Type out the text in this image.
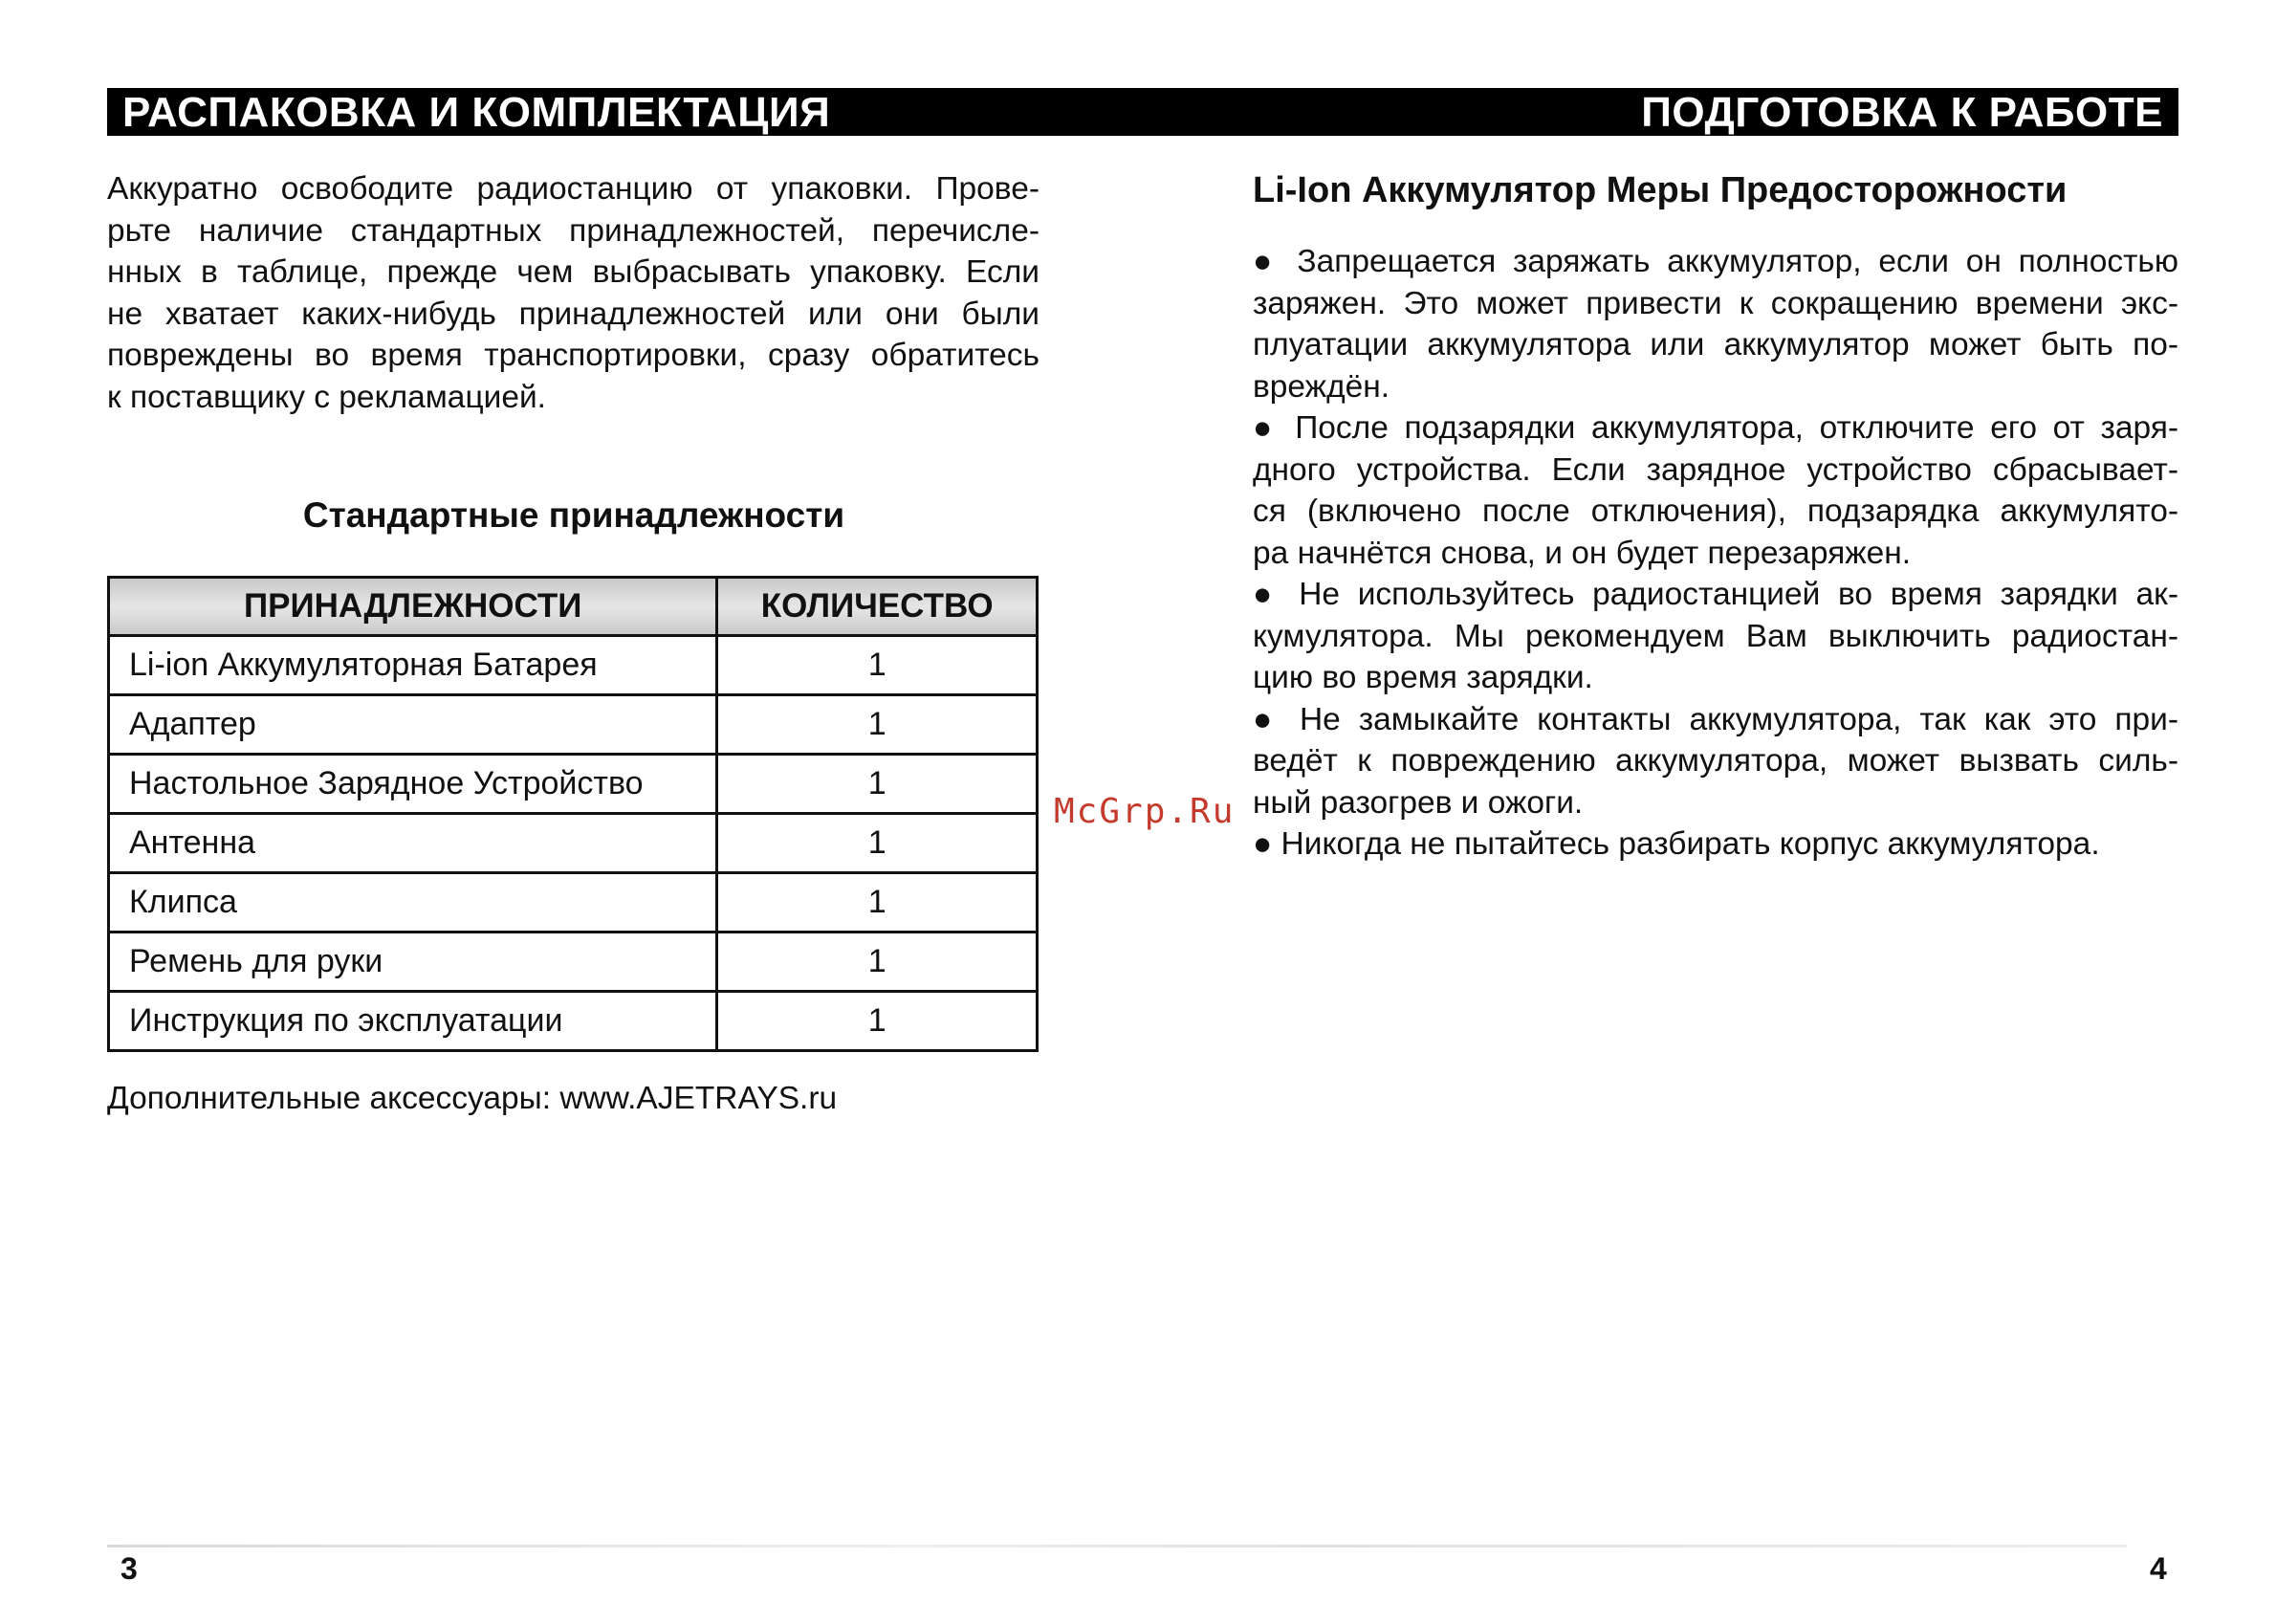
РАСПАКОВКА И КОМПЛЕКТАЦИЯ	ПОДГОТОВКА К РАБОТЕ

Аккуратно освободите радиостанцию от упаковки. Прове-
рьте наличие стандартных принадлежностей, перечисле-
нных в таблице, прежде чем выбрасывать упаковку. Если
не хватает каких-нибудь принадлежностей или они были
повреждены во время транспортировки, сразу обратитесь
к поставщику с рекламацией.

Стандартные принадлежности
ПРИНАДЛЕЖНОСТИ	КОЛИЧЕСТВО
Li-ion Аккумуляторная Батарея	1
Адаптер	1
Настольное Зарядное Устройство	1
Антенна	1
Клипса	1
Ремень для руки	1
Инструкция по эксплуатации	1

Дополнительные аксессуары: www.AJETRAYS.ru

McGrp.Ru
Li-Ion Аккумулятор Меры Предосторожности
● Запрещается заряжать аккумулятор, если он полностью
заряжен. Это может привести к сокращению времени экс-
плуатации аккумулятора или аккумулятор может быть по-
вреждён.
● После подзарядки аккумулятора, отключите его от заря-
дного устройства. Если зарядное устройство сбрасывает-
ся (включено после отключения), подзарядка аккумулято-
ра начнётся снова, и он будет перезаряжен.
● Не используйтесь радиостанцией во время зарядки ак-
кумулятора. Мы рекомендуем Вам выключить радиостан-
цию во время зарядки.
● Не замыкайте контакты аккумулятора, так как это при-
ведёт к повреждению аккумулятора, может вызвать силь-
ный разогрев и ожоги.
● Никогда не пытайтесь разбирать корпус аккумулятора.
3	4
